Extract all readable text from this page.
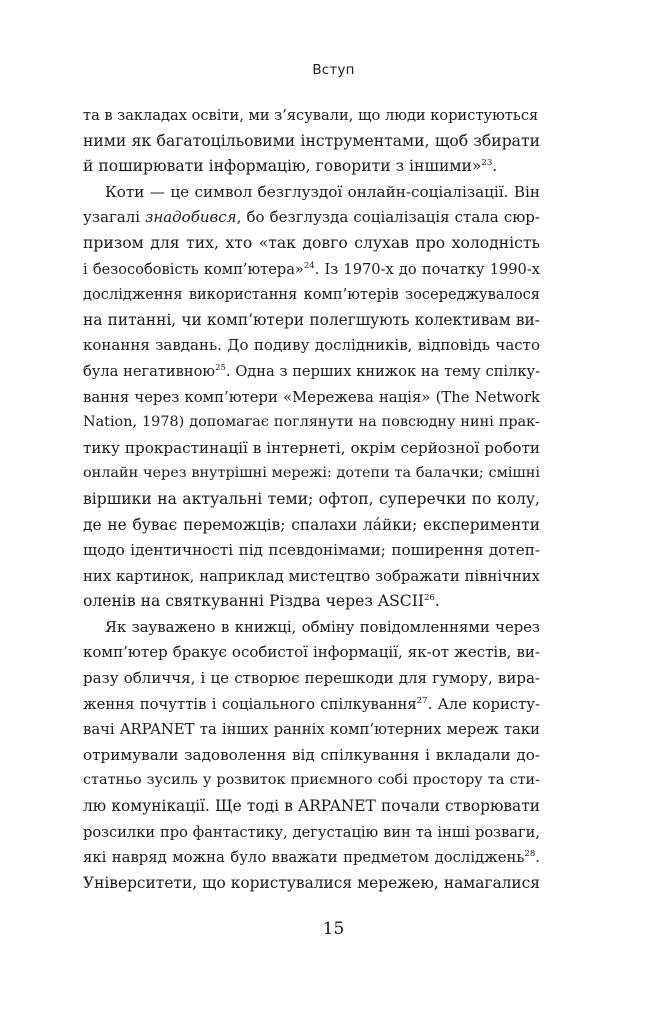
Вступ
та в закладах освіти, ми з’ясували, що люди користуються
ними як багатоцільовими інструментами, щоб збирати
й поширювати інформацію, говорити з іншими»$^{23}$.
Коти — це символ безглуздої онлайн-соціалізації. Він
узагалі знадобився, бо безглузда соціалізація стала сюр-
призом для тих, хто «так довго слухав про холодність
і безособовість комп’ютера»$^{24}$. Із 1970-х до початку 1990-х
дослідження використання комп’ютерів зосереджувалося
на питанні, чи комп’ютери полегшують колективам ви-
конання завдань. До подиву дослідників, відповідь часто
була негативною$^{25}$. Одна з перших книжок на тему спілку-
вання через комп’ютери «Мережева нація» (The Network
Nation, 1978) допомагає поглянути на повсюдну нині прак-
тику прокрастинації в інтернеті, окрім серйозної роботи
онлайн через внутрішні мережі: дотепи та балачки; смішні
віршики на актуальні теми; офтоп, суперечки по колу,
де не буває переможців; спалахи ла́йки; експерименти
щодо ідентичності під псевдонімами; поширення дотеп-
них картинок, наприклад мистецтво зображати північних
оленів на святкуванні Різдва через ASCII$^{26}$.
Як зауважено в книжці, обміну повідомленнями через
комп’ютер бракує особистої інформації, як-от жестів, ви-
разу обличчя, і це створює перешкоди для гумору, вира-
ження почуттів і соціального спілкування$^{27}$. Але користу-
вачі ARPANET та інших ранніх комп’ютерних мереж таки
отримували задоволення від спілкування і вкладали до-
статньо зусиль у розвиток приємного собі простору та сти-
лю комунікації. Ще тоді в ARPANET почали створювати
розсилки про фантастику, дегустацію вин та інші розваги,
які навряд можна було вважати предметом досліджень$^{28}$.
Університети, що користувалися мережею, намагалися
15
